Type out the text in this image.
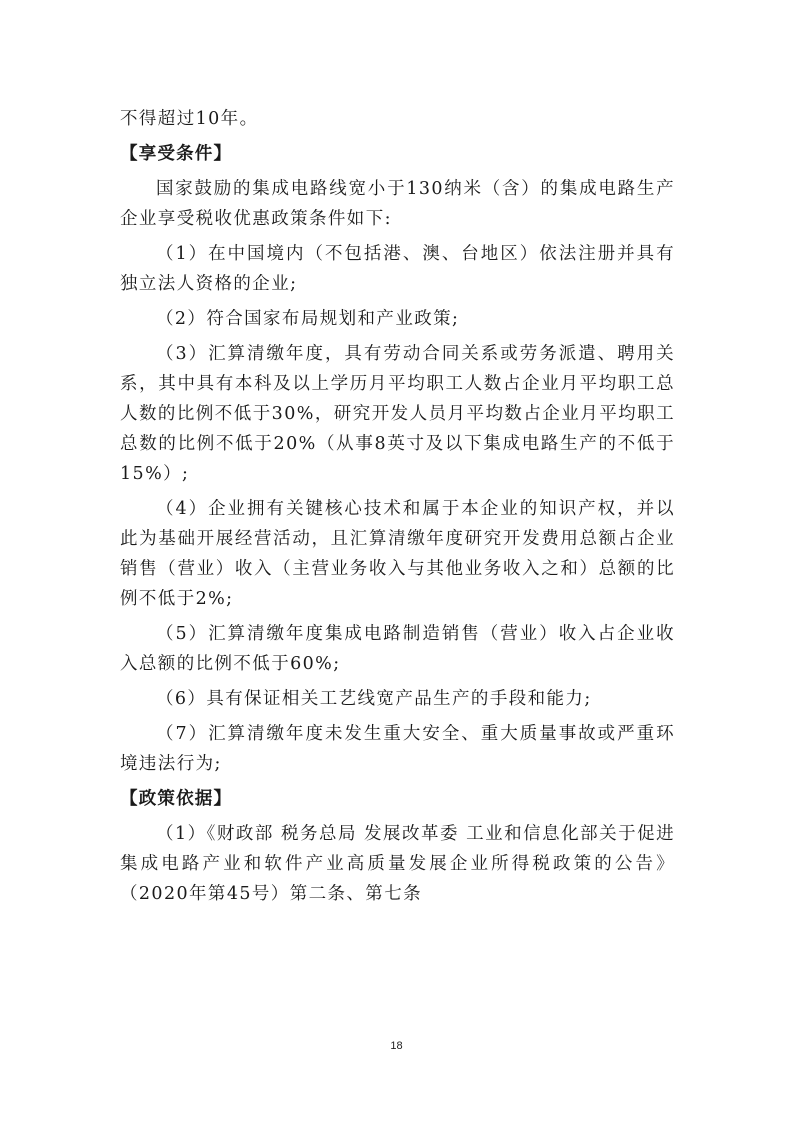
不得超过10年。

【享受条件】

国家鼓励的集成电路线宽小于130纳米（含）的集成电路生产企业享受税收优惠政策条件如下:

（1）在中国境内（不包括港、澳、台地区）依法注册并具有独立法人资格的企业;

（2）符合国家布局规划和产业政策;

（3）汇算清缴年度，具有劳动合同关系或劳务派遣、聘用关系，其中具有本科及以上学历月平均职工人数占企业月平均职工总人数的比例不低于30%，研究开发人员月平均数占企业月平均职工总数的比例不低于20%（从事8英寸及以下集成电路生产的不低于15%）;

（4）企业拥有关键核心技术和属于本企业的知识产权，并以此为基础开展经营活动，且汇算清缴年度研究开发费用总额占企业销售（营业）收入（主营业务收入与其他业务收入之和）总额的比例不低于2%;

（5）汇算清缴年度集成电路制造销售（营业）收入占企业收入总额的比例不低于60%;

（6）具有保证相关工艺线宽产品生产的手段和能力;

（7）汇算清缴年度未发生重大安全、重大质量事故或严重环境违法行为;

【政策依据】

（1）《财政部 税务总局 发展改革委 工业和信息化部关于促进集成电路产业和软件产业高质量发展企业所得税政策的公告》（2020年第45号）第二条、第七条

18
